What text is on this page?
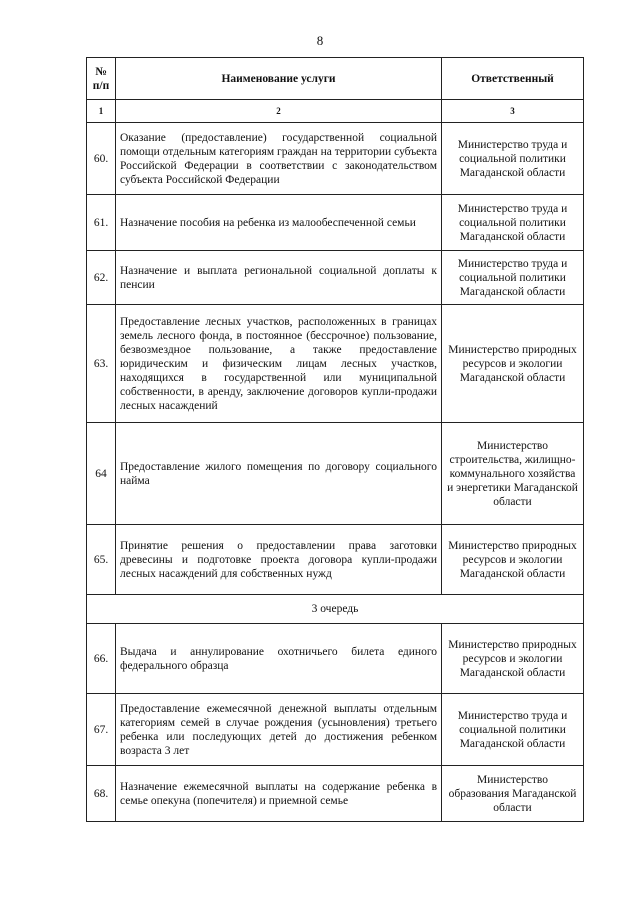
8
№ п/п	Наименование услуги	Ответственный
1	2	3
60.	Оказание (предоставление) государственной социальной помощи отдельным категориям граждан на территории субъекта Российской Федерации в соответствии с законодательством субъекта Российской Федерации	Министерство труда и социальной политики Магаданской области
61.	Назначение пособия на ребенка из малообеспеченной семьи	Министерство труда и социальной политики Магаданской области
62.	Назначение и выплата региональной социальной доплаты к пенсии	Министерство труда и социальной политики Магаданской области
63.	Предоставление лесных участков, расположенных в границах земель лесного фонда, в постоянное (бессрочное) пользование, безвозмездное пользование, а также предоставление юридическим и физическим лицам лесных участков, находящихся в государственной или муниципальной собственности, в аренду, заключение договоров купли-продажи лесных насаждений	Министерство природных ресурсов и экологии Магаданской области
64	Предоставление жилого помещения по договору социального найма	Министерство строительства, жилищно-коммунального хозяйства и энергетики Магаданской области
65.	Принятие решения о предоставлении права заготовки древесины и подготовке проекта договора купли-продажи лесных насаждений для собственных нужд	Министерство природных ресурсов и экологии Магаданской области
3 очередь		
66.	Выдача и аннулирование охотничьего билета единого федерального образца	Министерство природных ресурсов и экологии Магаданской области
67.	Предоставление ежемесячной денежной выплаты отдельным категориям семей в случае рождения (усыновления) третьего ребенка или последующих детей до достижения ребенком возраста 3 лет	Министерство труда и социальной политики Магаданской области
68.	Назначение ежемесячной выплаты на содержание ребенка в семье опекуна (попечителя) и приемной семье	Министерство образования Магаданской области
